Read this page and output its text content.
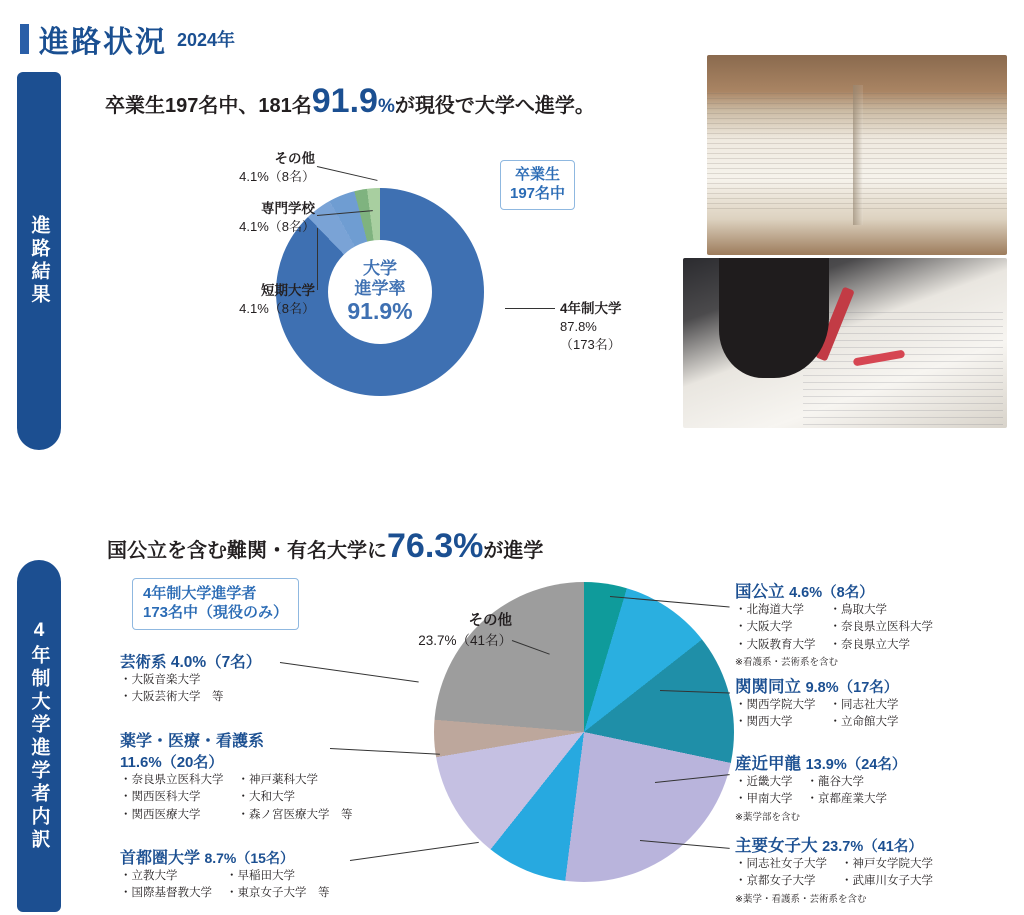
進路状況 2024年
進路結果
卒業生197名中、181名91.9%が現役で大学へ進学。
大学
進学率
91.9%
その他
4.1%（8名）
専門学校
4.1%（8名）
短期大学
4.1%（8名）	4年制大学
87.8%
（173名）
卒業生
197名中
4年制大学進学者内訳
国公立を含む難関・有名大学に76.3%が進学
4年制大学進学者
173名中（現役のみ）
その他
23.7%（41名）
芸術系 4.0%（7名）
・大阪音楽大学
・大阪芸術大学　等
薬学・医療・看護系
11.6%（20名）
・奈良県立医科大学	・神戸薬科大学
・関西医科大学	・大和大学
・関西医療大学	・森ノ宮医療大学　等
首都圏大学 8.7%（15名）
・立教大学	・早稲田大学
・国際基督教大学	・東京女子大学　等
国公立 4.6%（8名）
・北海道大学	・鳥取大学
・大阪大学	・奈良県立医科大学
・大阪教育大学	・奈良県立大学
※看護系・芸術系を含む
関関同立 9.8%（17名）
・関西学院大学	・同志社大学
・関西大学	・立命館大学
産近甲龍 13.9%（24名）
・近畿大学	・龍谷大学
・甲南大学	・京都産業大学
※薬学部を含む
主要女子大 23.7%（41名）
・同志社女子大学	・神戸女学院大学
・京都女子大学	・武庫川女子大学
※薬学・看護系・芸術系を含む
